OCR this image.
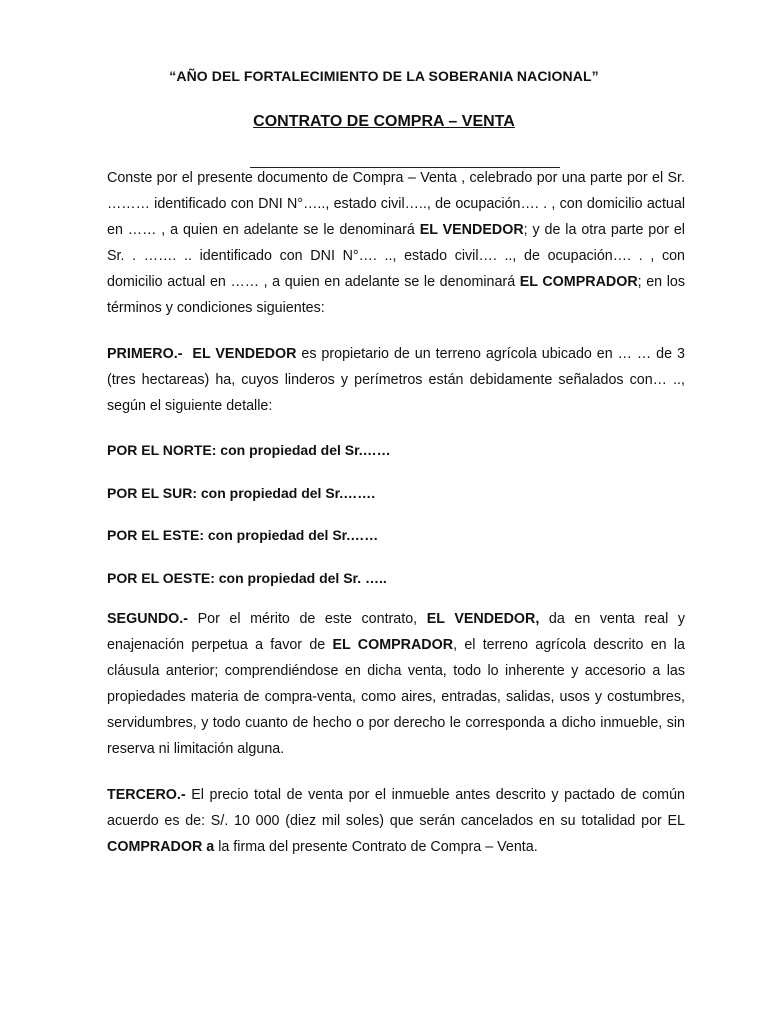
“AÑO DEL FORTALECIMIENTO DE LA SOBERANIA NACIONAL”
CONTRATO DE COMPRA – VENTA

Conste por el presente documento de Compra – Venta , celebrado por una parte por el Sr. ……… identificado con DNI N°….., estado civil….., de ocupación…. . , con domicilio actual en …… , a quien en adelante se le denominará EL VENDEDOR; y de la otra parte por el Sr. . ……. .. identificado con DNI N°…. .., estado civil…. .., de ocupación…. . , con domicilio actual en …… , a quien en adelante se le denominará EL COMPRADOR; en los términos y condiciones siguientes:

PRIMERO.- EL VENDEDOR es propietario de un terreno agrícola ubicado en … … de 3 (tres hectareas) ha, cuyos linderos y perímetros están debidamente señalados con… .., según el siguiente detalle:

POR EL NORTE: con propiedad del Sr.……

POR EL SUR: con propiedad del Sr.…….

POR EL ESTE: con propiedad del Sr.……

POR EL OESTE: con propiedad del Sr. …..

SEGUNDO.- Por el mérito de este contrato, EL VENDEDOR, da en venta real y enajenación perpetua a favor de EL COMPRADOR, el terreno agrícola descrito en la cláusula anterior; comprendiéndose en dicha venta, todo lo inherente y accesorio a las propiedades materia de compra-venta, como aires, entradas, salidas, usos y costumbres, servidumbres, y todo cuanto de hecho o por derecho le corresponda a dicho inmueble, sin reserva ni limitación alguna.

TERCERO.- El precio total de venta por el inmueble antes descrito y pactado de común acuerdo es de: S/. 10 000 (diez mil soles) que serán cancelados en su totalidad por EL COMPRADOR a la firma del presente Contrato de Compra – Venta.
